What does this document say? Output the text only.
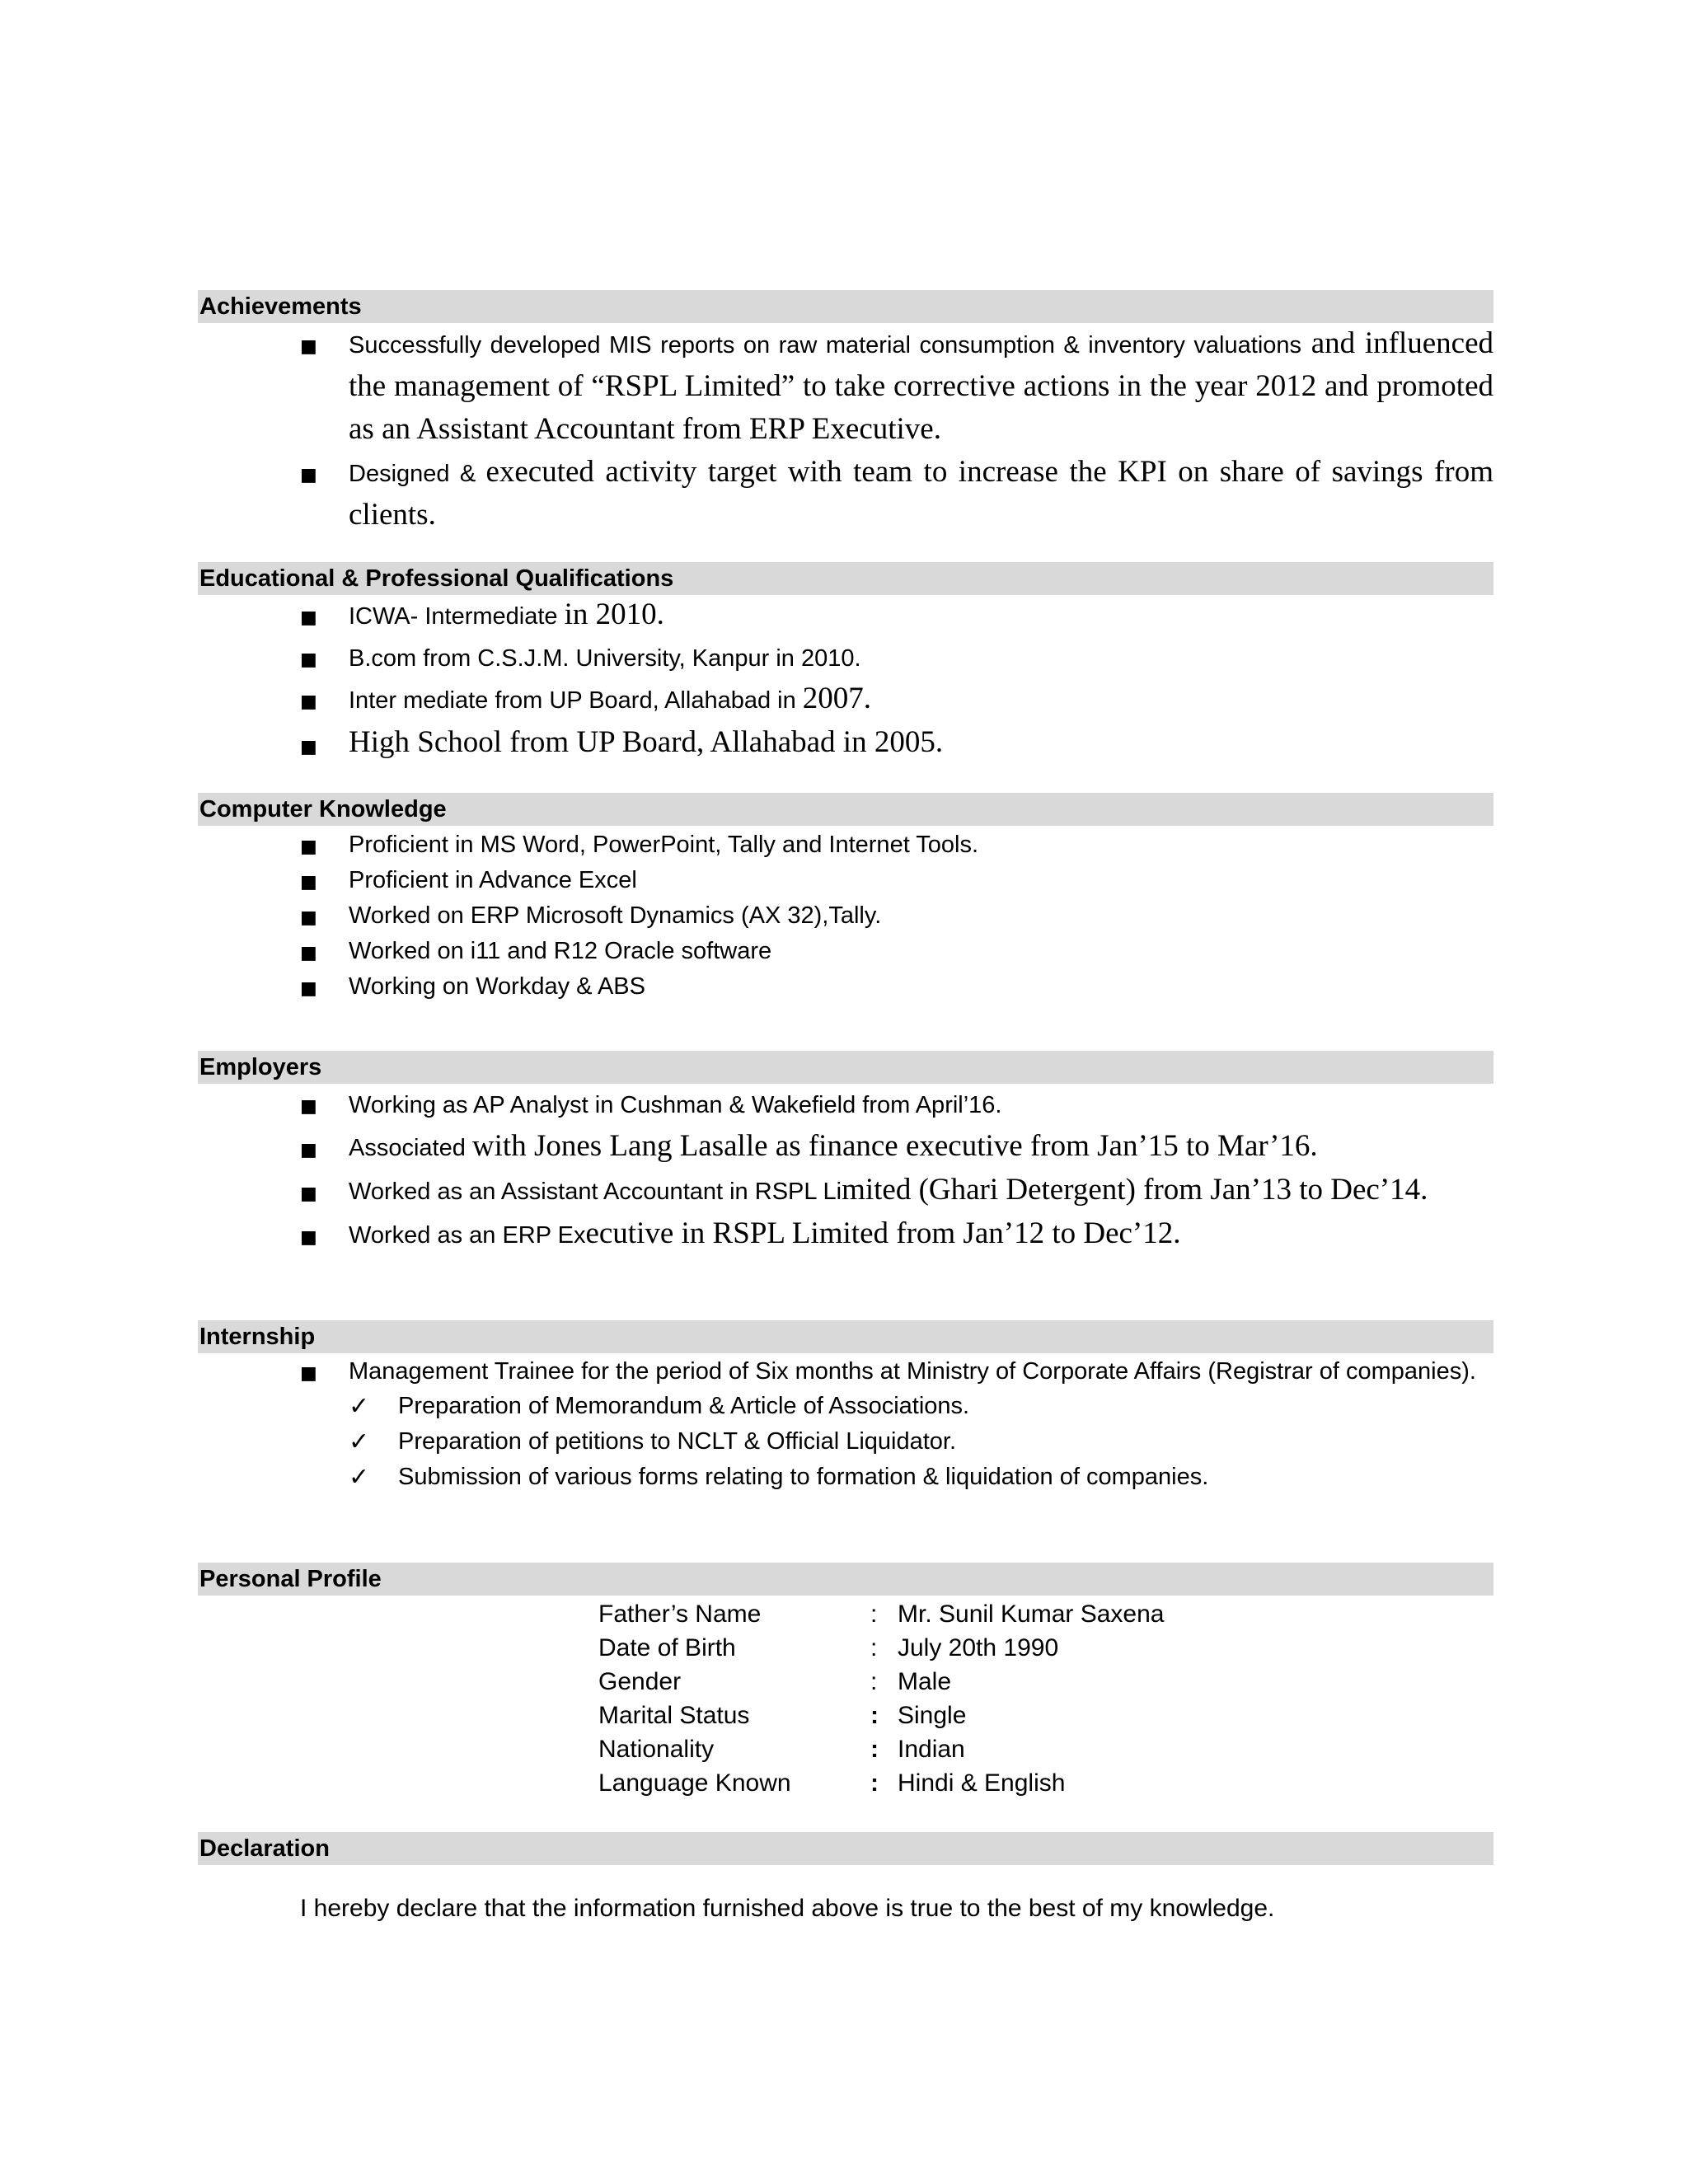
Achievements
■ Successfully developed MIS reports on raw material consumption & inventory valuations and influenced the management of “RSPL Limited” to take corrective actions in the year 2012 and promoted as an Assistant Accountant from ERP Executive.
■ Designed & executed activity target with team to increase the KPI on share of savings from clients.
Educational & Professional Qualifications
■ ICWA- Intermediate in 2010.
■ B.com from C.S.J.M. University, Kanpur in 2010.
■ Inter mediate from UP Board, Allahabad in 2007.
■ High School from UP Board, Allahabad in 2005.
Computer Knowledge
■ Proficient in MS Word, PowerPoint, Tally and Internet Tools.
■ Proficient in Advance Excel
■ Worked on ERP Microsoft Dynamics (AX 32),Tally.
■ Worked on i11 and R12 Oracle software
■ Working on Workday & ABS
Employers
■ Working as AP Analyst in Cushman & Wakefield from April’16.
■ Associated with Jones Lang Lasalle as finance executive from Jan’15 to Mar’16.
■ Worked as an Assistant Accountant in RSPL Limited (Ghari Detergent) from Jan’13 to Dec’14.
■ Worked as an ERP Executive in RSPL Limited from Jan’12 to Dec’12.
Internship
■ Management Trainee for the period of Six months at Ministry of Corporate Affairs (Registrar of companies).
✓ Preparation of Memorandum & Article of Associations.
✓ Preparation of petitions to NCLT & Official Liquidator.
✓ Submission of various forms relating to formation & liquidation of companies.
Personal Profile
Father’s Name	: Mr. Sunil Kumar Saxena
Date of Birth	: July 20th 1990
Gender	: Male
Marital Status	: Single
Nationality	: Indian
Language Known	: Hindi & English
Declaration
I hereby declare that the information furnished above is true to the best of my knowledge.
